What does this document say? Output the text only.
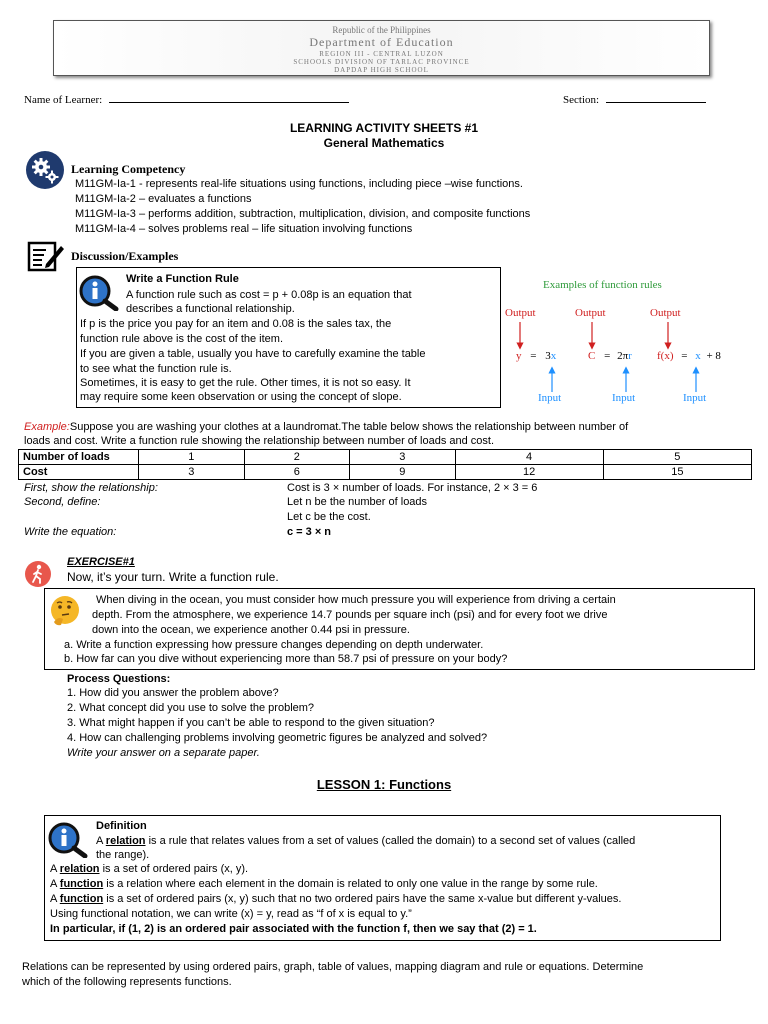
Republic of the Philippines
Department of Education
REGION III - CENTRAL LUZON
SCHOOLS DIVISION OF TARLAC PROVINCE
DAPDAP HIGH SCHOOL
Name of Learner:	Section:
LEARNING ACTIVITY SHEETS #1
General Mathematics
Learning Competency
M11GM-Ia-1 - represents real-life situations using functions, including piece –wise functions.
M11GM-Ia-2 – evaluates a functions
M11GM-Ia-3 – performs addition, subtraction, multiplication, division, and composite functions
M11GM-Ia-4 – solves problems real – life situation involving functions
Discussion/Examples
Write a Function Rule
A function rule such as cost = p + 0.08p is an equation that
describes a functional relationship.
If p is the price you pay for an item and 0.08 is the sales tax, the
function rule above is the cost of the item.
If you are given a table, usually you have to carefully examine the table
to see what the function rule is.
Sometimes, it is easy to get the rule. Other times, it is not so easy. It
may require some keen observation or using the concept of slope.
Examples of function rules
Output	Output	Output
y = 3x	C = 2πr f(x) = x + 8
Input	Input	Input
Example:Suppose you are washing your clothes at a laundromat.The table below shows the relationship between number of
loads and cost. Write a function rule showing the relationship between number of loads and cost.
Number of loads	1	2	3	4	5
Cost	3	6	9	12	15
First, show the relationship:	Cost is 3 × number of loads. For instance, 2 × 3 = 6
Second, define:	Let n be the number of loads
Let c be the cost.
Write the equation:	c = 3 × n
EXERCISE#1
Now, it’s your turn. Write a function rule.
When diving in the ocean, you must consider how much pressure you will experience from driving a certain
depth. From the atmosphere, we experience 14.7 pounds per square inch (psi) and for every foot we drive
down into the ocean, we experience another 0.44 psi in pressure.
a. Write a function expressing how pressure changes depending on depth underwater.
b. How far can you dive without experiencing more than 58.7 psi of pressure on your body?
Process Questions:
1. How did you answer the problem above?
2. What concept did you use to solve the problem?
3. What might happen if you can’t be able to respond to the given situation?
4. How can challenging problems involving geometric figures be analyzed and solved?
Write your answer on a separate paper.
LESSON 1: Functions
Definition
A relation is a rule that relates values from a set of values (called the domain) to a second set of values (called
the range).
A relation is a set of ordered pairs (x, y).
A function is a relation where each element in the domain is related to only one value in the range by some rule.
A function is a set of ordered pairs (x, y) such that no two ordered pairs have the same x-value but different y-values.
Using functional notation, we can write (x) = y, read as “f of x is equal to y.”
In particular, if (1, 2) is an ordered pair associated with the function f, then we say that (2) = 1.
Relations can be represented by using ordered pairs, graph, table of values, mapping diagram and rule or equations. Determine
which of the following represents functions.
